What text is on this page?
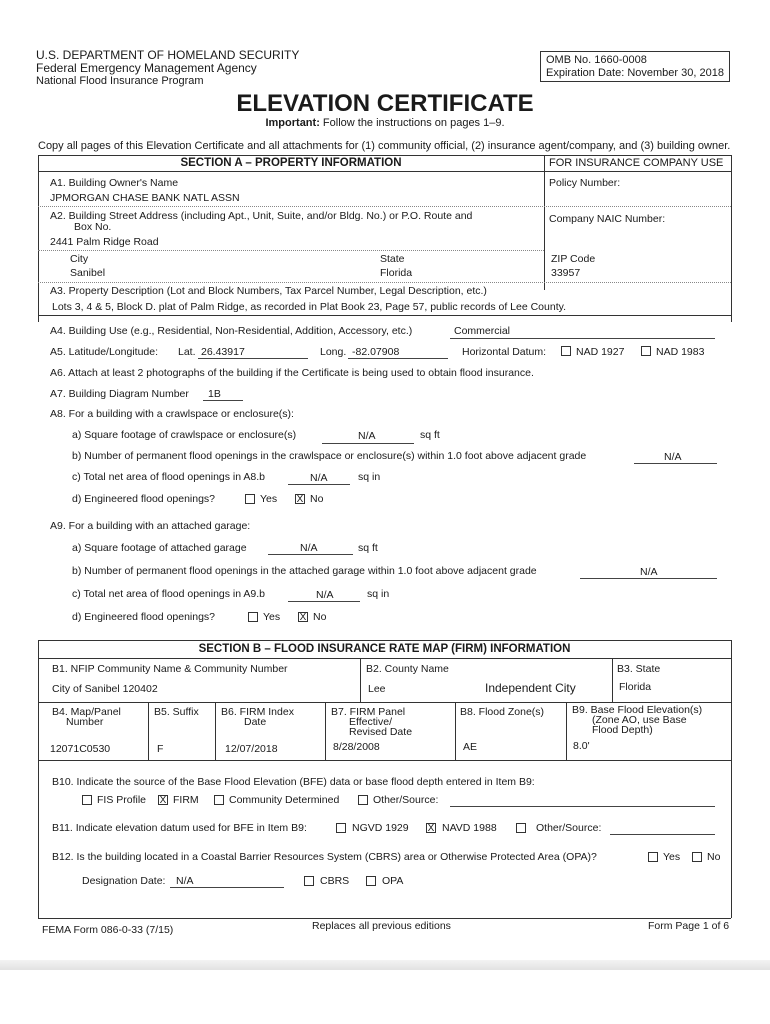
U.S. DEPARTMENT OF HOMELAND SECURITY
Federal Emergency Management Agency
National Flood Insurance Program
OMB No. 1660-0008
Expiration Date: November 30, 2018
ELEVATION CERTIFICATE
Important: Follow the instructions on pages 1–9.
Copy all pages of this Elevation Certificate and all attachments for (1) community official, (2) insurance agent/company, and (3) building owner.
SECTION A – PROPERTY INFORMATION	FOR INSURANCE COMPANY USE
A1. Building Owner's Name
JPMORGAN CHASE BANK NATL ASSN
Policy Number:
A2. Building Street Address (including Apt., Unit, Suite, and/or Bldg. No.) or P.O. Route and
Box No.
2441 Palm Ridge Road
Company NAIC Number:
City
Sanibel
State
Florida
ZIP Code
33957
A3. Property Description (Lot and Block Numbers, Tax Parcel Number, Legal Description, etc.)
Lots 3, 4 & 5, Block D. plat of Palm Ridge, as recorded in Plat Book 23, Page 57, public records of Lee County.
A4. Building Use (e.g., Residential, Non-Residential, Addition, Accessory, etc.)	Commercial
A5. Latitude/Longitude: Lat. 26.43917	Long. -82.07908	Horizontal Datum:	NAD 1927	NAD 1983
A6. Attach at least 2 photographs of the building if the Certificate is being used to obtain flood insurance.
A7. Building Diagram Number 1B
A8. For a building with a crawlspace or enclosure(s):
a) Square footage of crawlspace or enclosure(s)	N/A	sq ft
b) Number of permanent flood openings in the crawlspace or enclosure(s) within 1.0 foot above adjacent grade	N/A
c) Total net area of flood openings in A8.b	N/A	sq in
d) Engineered flood openings?	Yes X No
A9. For a building with an attached garage:
a) Square footage of attached garage	N/A	sq ft
b) Number of permanent flood openings in the attached garage within 1.0 foot above adjacent grade	N/A
c) Total net area of flood openings in A9.b	N/A	sq in
d) Engineered flood openings?	Yes X No
SECTION B – FLOOD INSURANCE RATE MAP (FIRM) INFORMATION
B1. NFIP Community Name & Community Number
City of Sanibel 120402
B2. County Name
Lee	Independent City
B3. State
Florida
B4. Map/Panel
Number
12071C0530
B5. Suffix
F
B6. FIRM Index
Date
12/07/2018
B7. FIRM Panel
Effective/
Revised Date
8/28/2008
B8. Flood Zone(s)
AE
B9. Base Flood Elevation(s)
(Zone AO, use Base
Flood Depth)
8.0'
B10. Indicate the source of the Base Flood Elevation (BFE) data or base flood depth entered in Item B9:
FIS Profile X FIRM	Community Determined	Other/Source:
B11. Indicate elevation datum used for BFE in Item B9:	NGVD 1929 X NAVD 1988	Other/Source:
B12. Is the building located in a Coastal Barrier Resources System (CBRS) area or Otherwise Protected Area (OPA)?	Yes	No
Designation Date: N/A	CBRS	OPA
FEMA Form 086-0-33 (7/15)	Replaces all previous editions	Form Page 1 of 6
